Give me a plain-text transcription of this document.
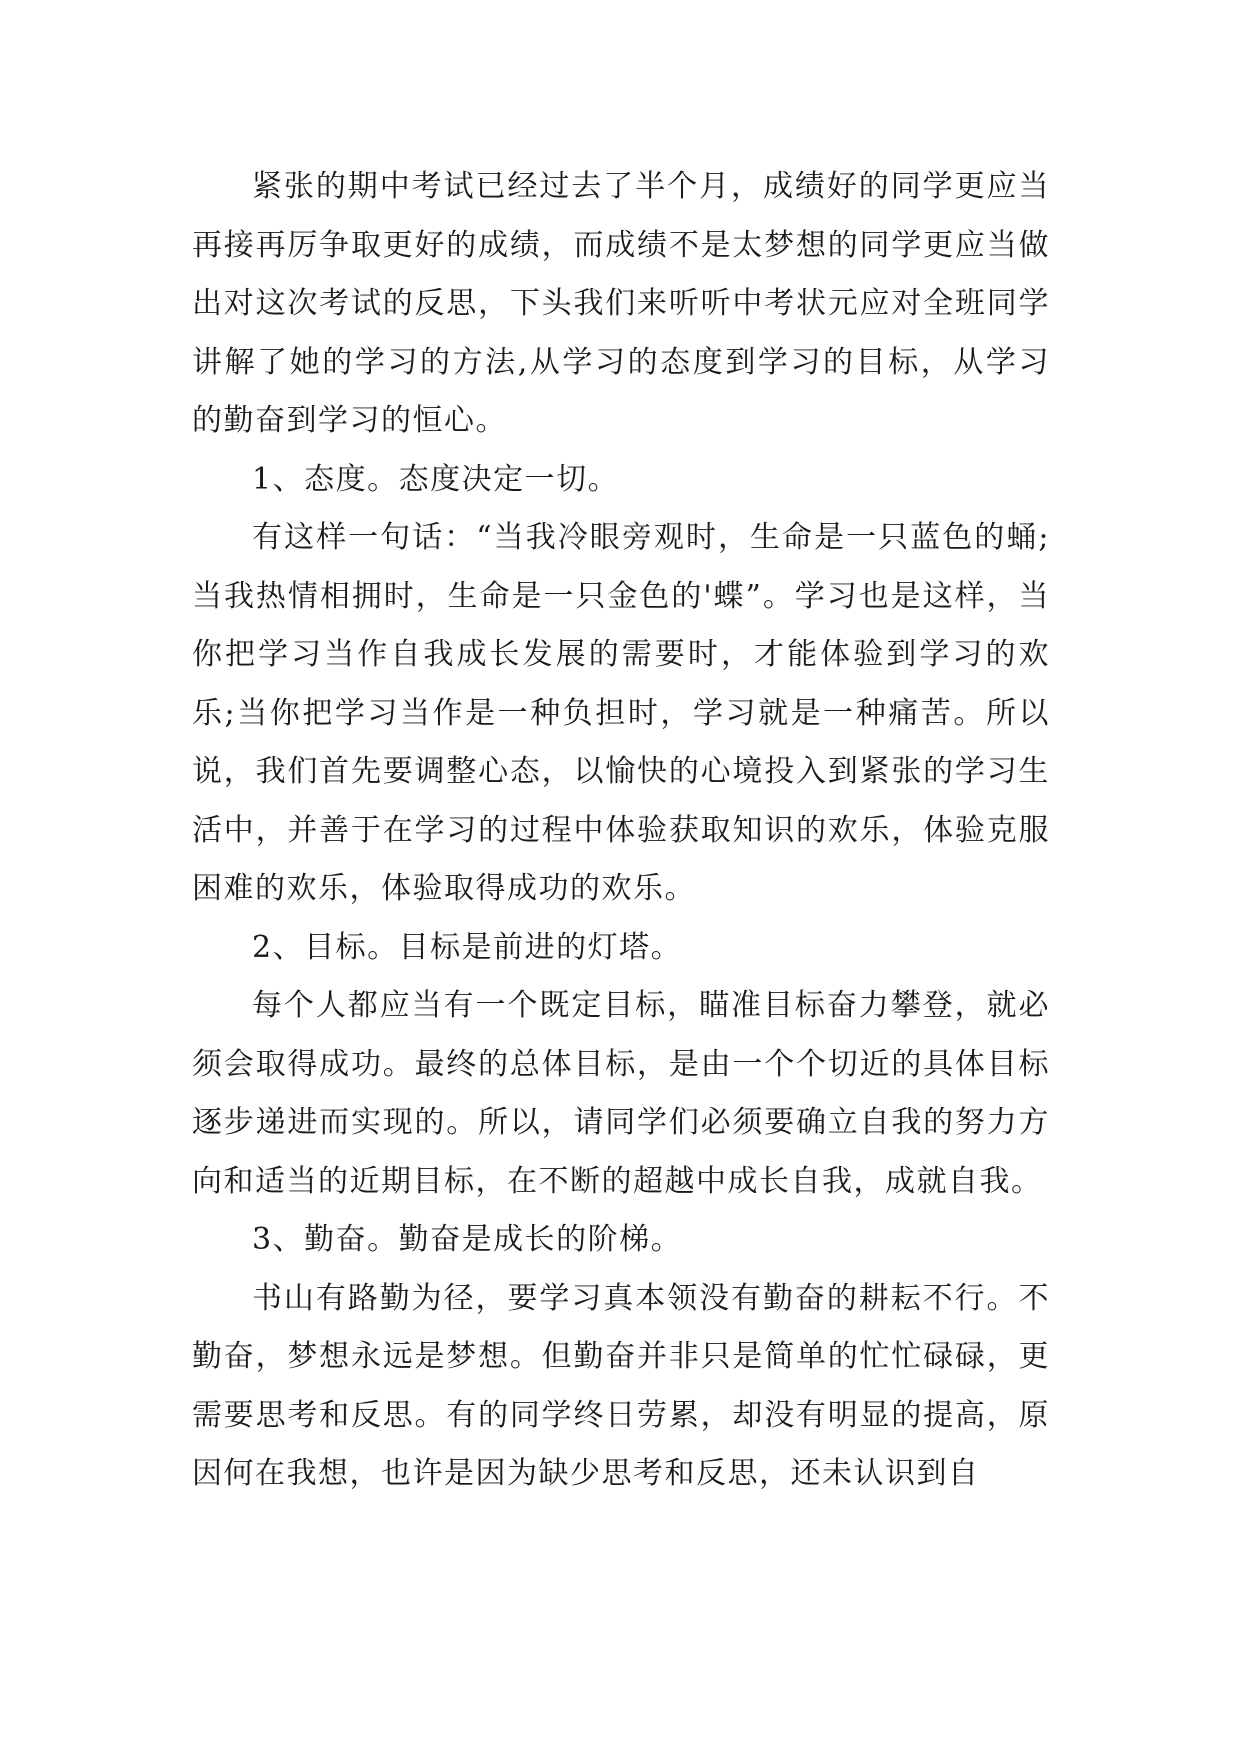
紧张的期中考试已经过去了半个月，成绩好的同学更应当再接再厉争取更好的成绩，而成绩不是太梦想的同学更应当做出对这次考试的反思，下头我们来听听中考状元应对全班同学讲解了她的学习的方法,从学习的态度到学习的目标，从学习的勤奋到学习的恒心。

1、态度。态度决定一切。

有这样一句话：“当我冷眼旁观时，生命是一只蓝色的蛹;当我热情相拥时，生命是一只金色的'蝶”。学习也是这样，当你把学习当作自我成长发展的需要时，才能体验到学习的欢乐;当你把学习当作是一种负担时，学习就是一种痛苦。所以说，我们首先要调整心态，以愉快的心境投入到紧张的学习生活中，并善于在学习的过程中体验获取知识的欢乐，体验克服困难的欢乐，体验取得成功的欢乐。

2、目标。目标是前进的灯塔。

每个人都应当有一个既定目标，瞄准目标奋力攀登，就必须会取得成功。最终的总体目标，是由一个个切近的具体目标逐步递进而实现的。所以，请同学们必须要确立自我的努力方向和适当的近期目标，在不断的超越中成长自我，成就自我。

3、勤奋。勤奋是成长的阶梯。

书山有路勤为径，要学习真本领没有勤奋的耕耘不行。不勤奋，梦想永远是梦想。但勤奋并非只是简单的忙忙碌碌，更需要思考和反思。有的同学终日劳累，却没有明显的提高，原因何在我想，也许是因为缺少思考和反思，还未认识到自
